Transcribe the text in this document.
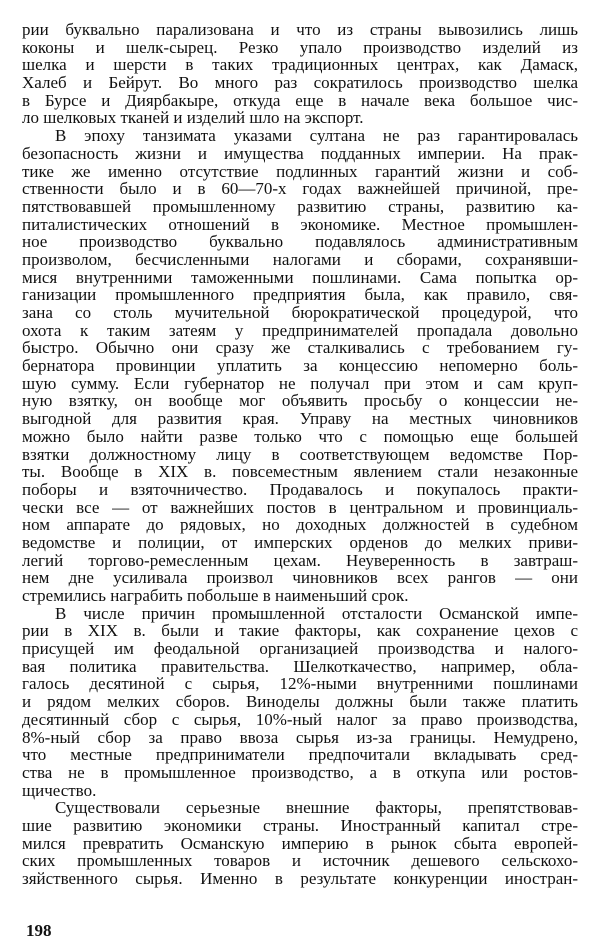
рии буквально парализована и что из страны вывозились лишь
коконы и шелк-сырец. Резко упало производство изделий из
шелка и шерсти в таких традиционных центрах, как Дамаск,
Халеб и Бейрут. Во много раз сократилось производство шелка
в Бурсе и Диярбакыре, откуда еще в начале века большое чис-
ло шелковых тканей и изделий шло на экспорт.
В эпоху танзимата указами султана не раз гарантировалась
безопасность жизни и имущества подданных империи. На прак-
тике же именно отсутствие подлинных гарантий жизни и соб-
ственности было и в 60—70-х годах важнейшей причиной, пре-
пятствовавшей промышленному развитию страны, развитию ка-
питалистических отношений в экономике. Местное промышлен-
ное производство буквально подавлялось административным
произволом, бесчисленными налогами и сборами, сохранявши-
мися внутренними таможенными пошлинами. Сама попытка ор-
ганизации промышленного предприятия была, как правило, свя-
зана со столь мучительной бюрократической процедурой, что
охота к таким затеям у предпринимателей пропадала довольно
быстро. Обычно они сразу же сталкивались с требованием гу-
бернатора провинции уплатить за концессию непомерно боль-
шую сумму. Если губернатор не получал при этом и сам круп-
ную взятку, он вообще мог объявить просьбу о концессии не-
выгодной для развития края. Управу на местных чиновников
можно было найти разве только что с помощью еще большей
взятки должностному лицу в соответствующем ведомстве Пор-
ты. Вообще в XIX в. повсеместным явлением стали незаконные
поборы и взяточничество. Продавалось и покупалось практи-
чески все — от важнейших постов в центральном и провинциаль-
ном аппарате до рядовых, но доходных должностей в судебном
ведомстве и полиции, от имперских орденов до мелких приви-
легий торгово-ремесленным цехам. Неуверенность в завтраш-
нем дне усиливала произвол чиновников всех рангов — они
стремились награбить побольше в наименьший срок.
В числе причин промышленной отсталости Османской импе-
рии в XIX в. были и такие факторы, как сохранение цехов с
присущей им феодальной организацией производства и налого-
вая политика правительства. Шелкоткачество, например, обла-
галось десятиной с сырья, 12%-ными внутренними пошлинами
и рядом мелких сборов. Виноделы должны были также платить
десятинный сбор с сырья, 10%-ный налог за право производства,
8%-ный сбор за право ввоза сырья из-за границы. Немудрено,
что местные предприниматели предпочитали вкладывать сред-
ства не в промышленное производство, а в откупа или ростов-
щичество.
Существовали серьезные внешние факторы, препятствовав-
шие развитию экономики страны. Иностранный капитал стре-
мился превратить Османскую империю в рынок сбыта европей-
ских промышленных товаров и источник дешевого сельскохо-
зяйственного сырья. Именно в результате конкуренции иностран-
198
